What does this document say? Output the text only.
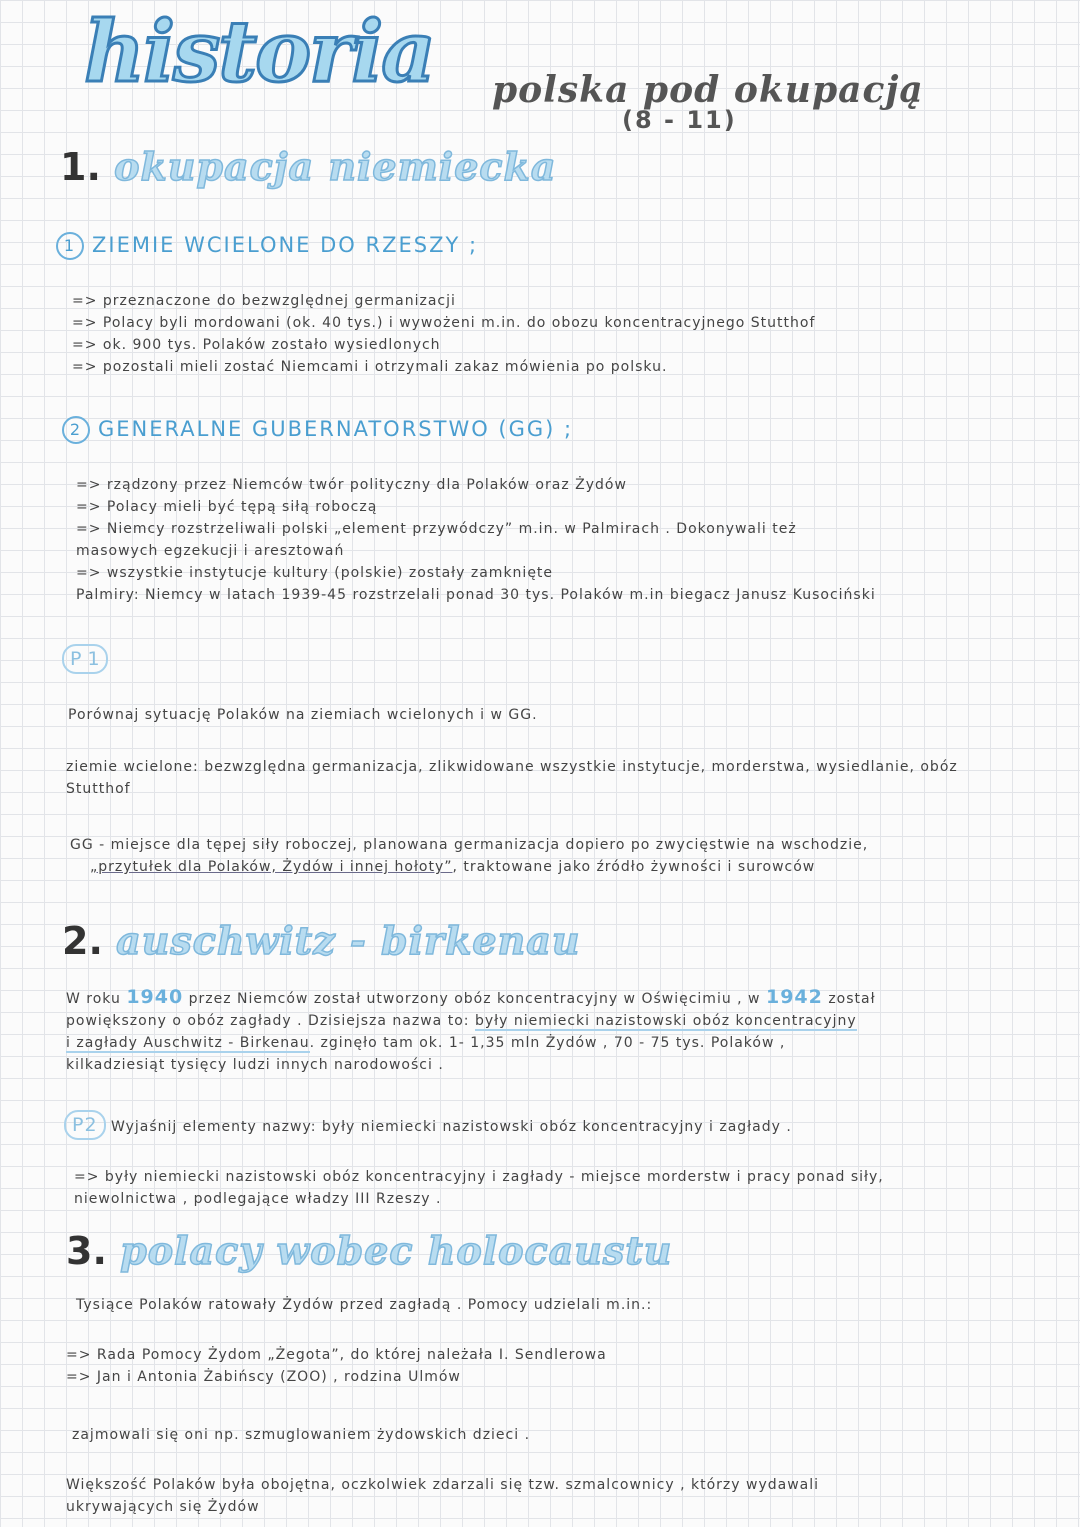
historia polska pod okupacją
(8 - 11)
1. okupacja niemiecka
1 ZIEMIE WCIELONE DO RZESZY ;
=> przeznaczone do bezwzględnej germanizacji
=> Polacy byli mordowani (ok. 40 tys.) i wywożeni m.in. do obozu koncentracyjnego Stutthof
=> ok. 900 tys. Polaków zostało wysiedlonych
=> pozostali mieli zostać Niemcami i otrzymali zakaz mówienia po polsku.
2 GENERALNE GUBERNATORSTWO (GG) ;
=> rządzony przez Niemców twór polityczny dla Polaków oraz Żydów
=> Polacy mieli być tępą siłą roboczą
=> Niemcy rozstrzeliwali polski „element przywódczy” m.in. w Palmirach . Dokonywali też
masowych egzekucji i aresztowań
=> wszystkie instytucje kultury (polskie) zostały zamknięte
Palmiry: Niemcy w latach 1939-45 rozstrzelali ponad 30 tys. Polaków m.in biegacz Janusz Kusociński
P 1
Porównaj sytuację Polaków na ziemiach wcielonych i w GG.
ziemie wcielone: bezwzględna germanizacja, zlikwidowane wszystkie instytucje, morderstwa, wysiedlanie, obóz
Stutthof
GG - miejsce dla tępej siły roboczej, planowana germanizacja dopiero po zwycięstwie na wschodzie,
„przytułek dla Polaków, Żydów i innej hołoty”, traktowane jako źródło żywności i surowców
2. auschwitz - birkenau
W roku 1940 przez Niemców został utworzony obóz koncentracyjny w Oświęcimiu , w 1942 został
powiększony o obóz zagłady . Dzisiejsza nazwa to: były niemiecki nazistowski obóz koncentracyjny
i zagłady Auschwitz - Birkenau. zginęło tam ok. 1- 1,35 mln Żydów , 70 - 75 tys. Polaków ,
kilkadziesiąt tysięcy ludzi innych narodowości .
P2 Wyjaśnij elementy nazwy: były niemiecki nazistowski obóz koncentracyjny i zagłady .
=> były niemiecki nazistowski obóz koncentracyjny i zagłady - miejsce morderstw i pracy ponad siły,
niewolnictwa , podlegające władzy III Rzeszy .
3. polacy wobec holocaustu
Tysiące Polaków ratowały Żydów przed zagładą . Pomocy udzielali m.in.:
=> Rada Pomocy Żydom „Żegota”, do której należała I. Sendlerowa
=> Jan i Antonia Żabińscy (ZOO) , rodzina Ulmów
zajmowali się oni np. szmuglowaniem żydowskich dzieci .
Większość Polaków była obojętna, oczkolwiek zdarzali się tzw. szmalcownicy , którzy wydawali
ukrywających się Żydów
